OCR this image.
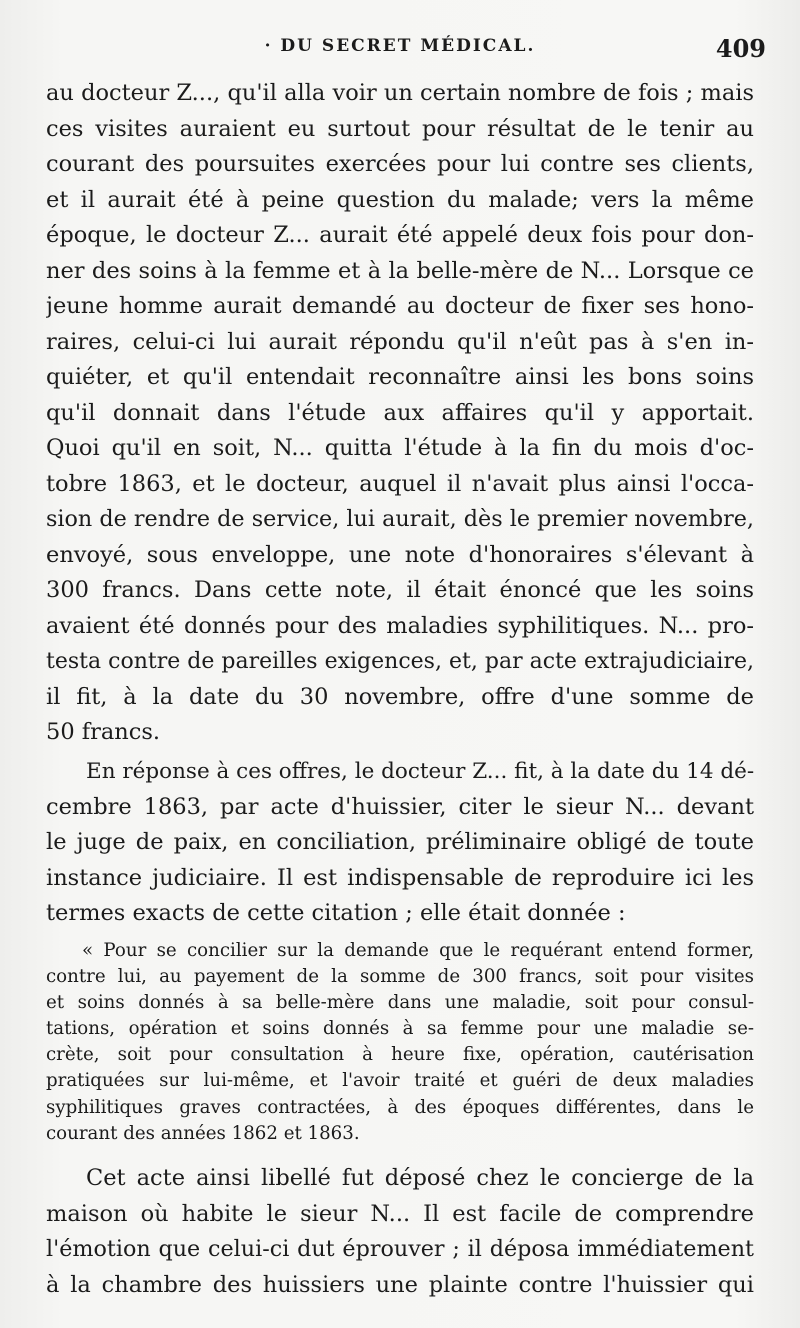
· DU SECRET MÉDICAL.	409
au docteur Z..., qu'il alla voir un certain nombre de fois ; mais
ces visites auraient eu surtout pour résultat de le tenir au
courant des poursuites exercées pour lui contre ses clients,
et il aurait été à peine question du malade; vers la même
époque, le docteur Z... aurait été appelé deux fois pour don-
ner des soins à la femme et à la belle-mère de N... Lorsque ce
jeune homme aurait demandé au docteur de fixer ses hono-
raires, celui-ci lui aurait répondu qu'il n'eût pas à s'en in-
quiéter, et qu'il entendait reconnaître ainsi les bons soins
qu'il donnait dans l'étude aux affaires qu'il y apportait.
Quoi qu'il en soit, N... quitta l'étude à la fin du mois d'oc-
tobre 1863, et le docteur, auquel il n'avait plus ainsi l'occa-
sion de rendre de service, lui aurait, dès le premier novembre,
envoyé, sous enveloppe, une note d'honoraires s'élevant à
300 francs. Dans cette note, il était énoncé que les soins
avaient été donnés pour des maladies syphilitiques. N... pro-
testa contre de pareilles exigences, et, par acte extrajudiciaire,
il fit, à la date du 30 novembre, offre d'une somme de
50 francs.
En réponse à ces offres, le docteur Z... fit, à la date du 14 dé-
cembre 1863, par acte d'huissier, citer le sieur N... devant
le juge de paix, en conciliation, préliminaire obligé de toute
instance judiciaire. Il est indispensable de reproduire ici les
termes exacts de cette citation ; elle était donnée :
« Pour se concilier sur la demande que le requérant entend former,
contre lui, au payement de la somme de 300 francs, soit pour visites
et soins donnés à sa belle-mère dans une maladie, soit pour consul-
tations, opération et soins donnés à sa femme pour une maladie se-
crète, soit pour consultation à heure fixe, opération, cautérisation
pratiquées sur lui-même, et l'avoir traité et guéri de deux maladies
syphilitiques graves contractées, à des époques différentes, dans le
courant des années 1862 et 1863.
Cet acte ainsi libellé fut déposé chez le concierge de la
maison où habite le sieur N... Il est facile de comprendre
l'émotion que celui-ci dut éprouver ; il déposa immédiatement
à la chambre des huissiers une plainte contre l'huissier qui
